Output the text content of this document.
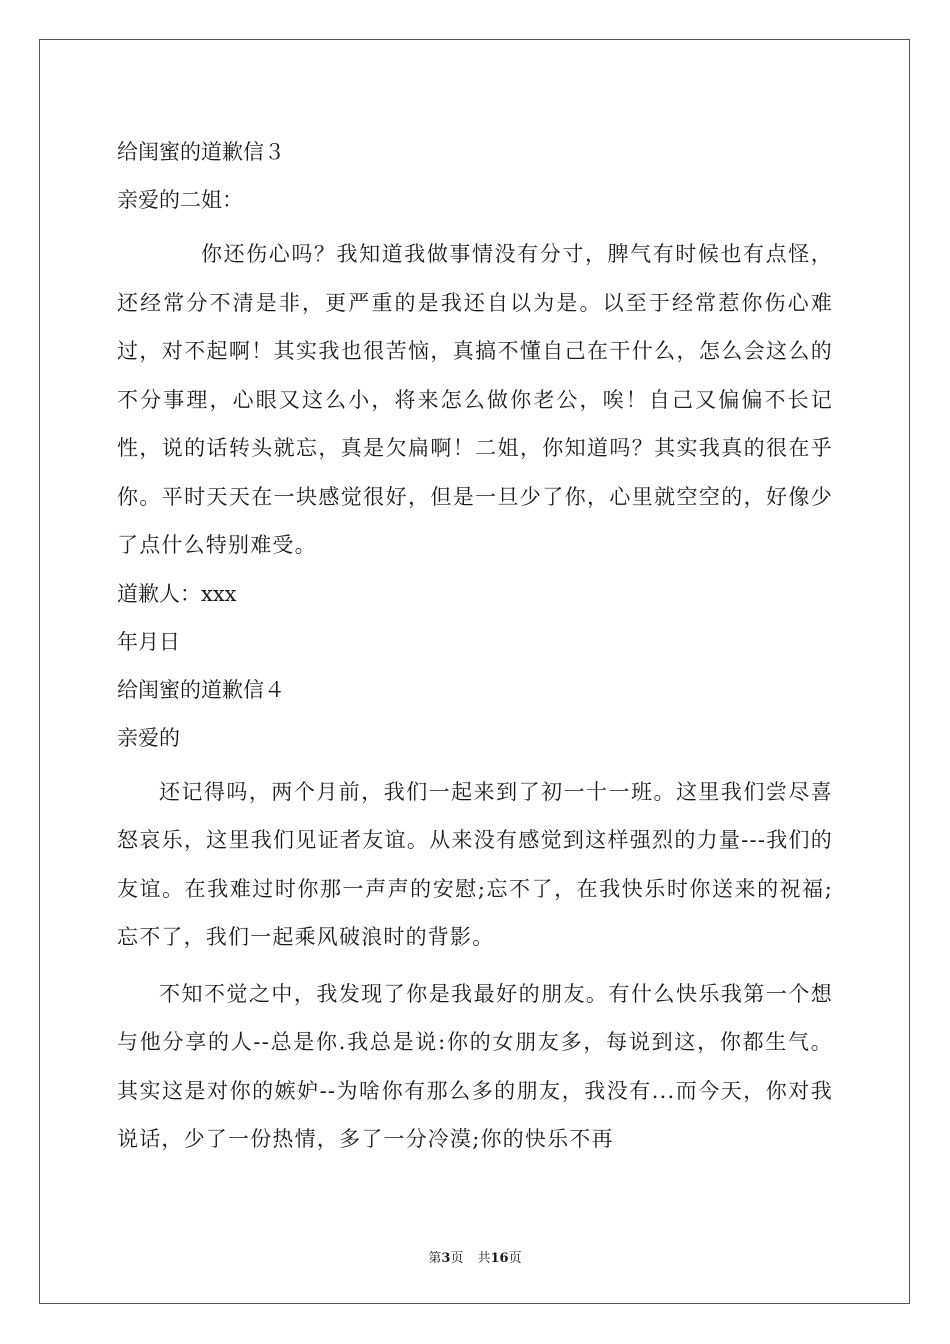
给闺蜜的道歉信３
亲爱的二姐：

你还伤心吗？我知道我做事情没有分寸，脾气有时候也有点怪，还经常分不清是非，更严重的是我还自以为是。以至于经常惹你伤心难过，对不起啊！其实我也很苦恼，真搞不懂自己在干什么，怎么会这么的不分事理，心眼又这么小，将来怎么做你老公，唉！自己又偏偏不长记性，说的话转头就忘，真是欠扁啊！二姐，你知道吗？其实我真的很在乎你。平时天天在一块感觉很好，但是一旦少了你，心里就空空的，好像少了点什么特别难受。

道歉人：xxx
年月日
给闺蜜的道歉信４
亲爱的

还记得吗，两个月前，我们一起来到了初一十一班。这里我们尝尽喜怒哀乐，这里我们见证者友谊。从来没有感觉到这样强烈的力量---我们的友谊。在我难过时你那一声声的安慰;忘不了，在我快乐时你送来的祝福;忘不了，我们一起乘风破浪时的背影。

不知不觉之中，我发现了你是我最好的朋友。有什么快乐我第一个想与他分享的人--总是你.我总是说:你的女朋友多，每说到这，你都生气。其实这是对你的嫉妒--为啥你有那么多的朋友，我没有...而今天，你对我说话，少了一份热情，多了一分冷漠;你的快乐不再

第3页 共16页
